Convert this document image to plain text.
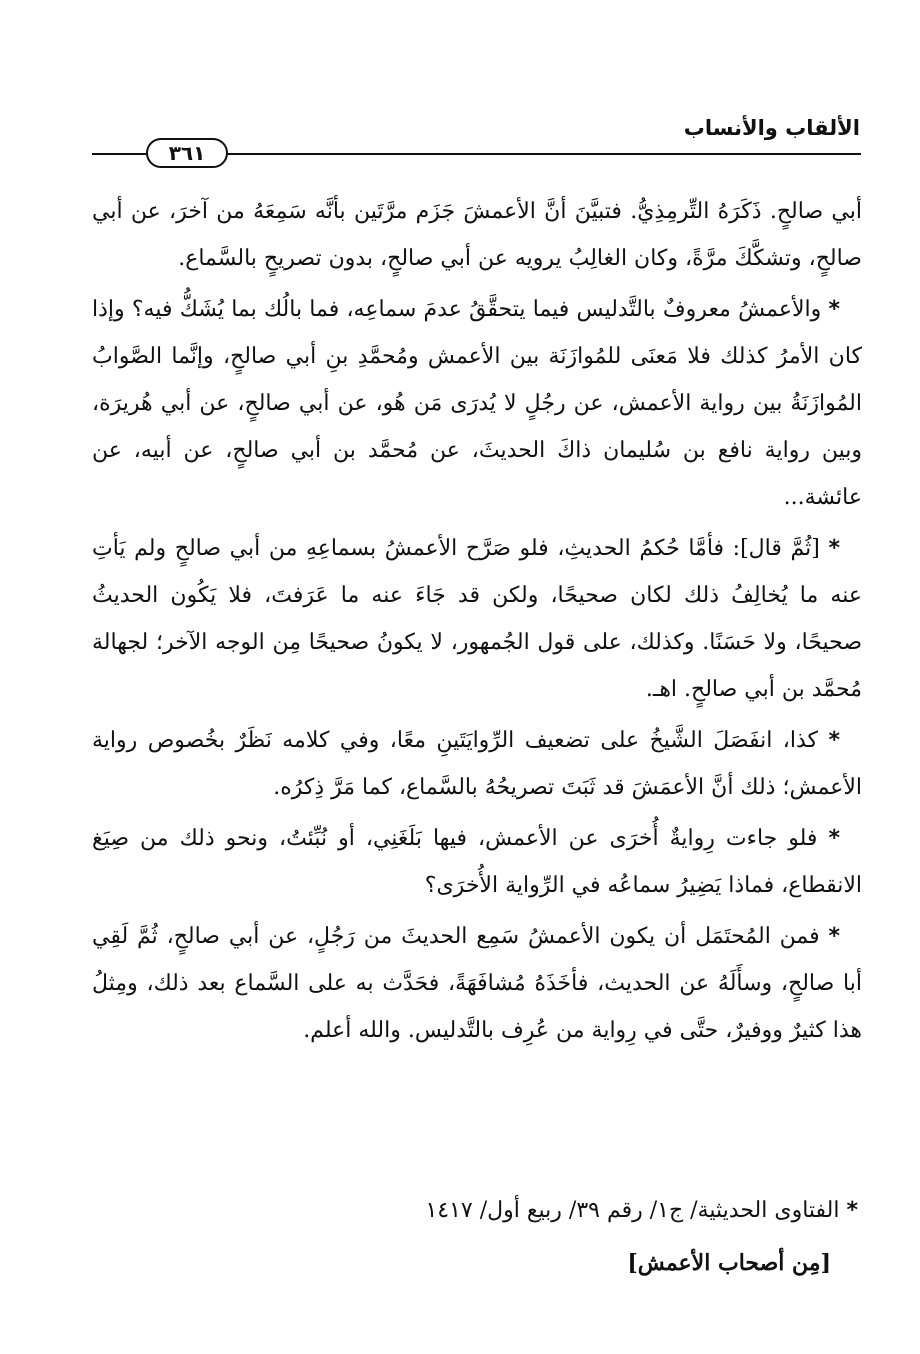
الألقاب والأنساب
٣٦١

أبي صالحٍ. ذَكَرَهُ التِّرمِذِيُّ. فتبيَّنَ أنَّ الأعمشَ جَزَم مرَّتَين بأنَّه سَمِعَهُ من آخرَ، عن أبي صالحٍ، وتشكَّكَ مرَّةً، وكان الغالِبُ يرويه عن أبي صالحٍ، بدون تصريحٍ بالسَّماع.

* والأعمشُ معروفٌ بالتَّدليس فيما يتحقَّقُ عدمَ سماعِه، فما بالُك بما يُشَكُّ فيه؟ وإذا كان الأمرُ كذلك فلا مَعنَى للمُوازَنَة بين الأعمش ومُحمَّدِ بنِ أبي صالحٍ، وإنَّما الصَّوابُ المُوازَنَةُ بين رواية الأعمش، عن رجُلٍ لا يُدرَى مَن هُو، عن أبي صالحٍ، عن أبي هُريرَة، وبين رواية نافع بن سُليمان ذاكَ الحديثَ، عن مُحمَّد بن أبي صالحٍ، عن أبيه، عن عائشة...

* [ثُمَّ قال]: فأمَّا حُكمُ الحديثِ، فلو صَرَّح الأعمشُ بسماعِهِ من أبي صالحٍ ولم يَأتِ عنه ما يُخالِفُ ذلك لكان صحيحًا، ولكن قد جَاءَ عنه ما عَرَفتَ، فلا يَكُون الحديثُ صحيحًا، ولا حَسَنًا. وكذلك، على قول الجُمهور، لا يكونُ صحيحًا مِن الوجه الآخر؛ لجهالة مُحمَّد بن أبي صالحٍ. اهـ.

* كذا، انفَصَلَ الشَّيخُ على تضعيف الرِّوايَتَينِ معًا، وفي كلامه نَظَرٌ بخُصوص رواية الأعمش؛ ذلك أنَّ الأعمَشَ قد ثَبَتَ تصريحُهُ بالسَّماع، كما مَرَّ ذِكرُه.

* فلو جاءت رِوايةٌ أُخرَى عن الأعمش، فيها بَلَغَنِي، أو نُبِّئتُ، ونحو ذلك من صِيَغ الانقطاع، فماذا يَضِيرُ سماعُه في الرِّواية الأُخرَى؟

* فمن المُحتَمَل أن يكون الأعمشُ سَمِع الحديثَ من رَجُلٍ، عن أبي صالحٍ، ثُمَّ لَقِي أبا صالحٍ، وسأَلَهُ عن الحديث، فأخَذَهُ مُشافَهَةً، فحَدَّث به على السَّماع بعد ذلك، ومِثلُ هذا كثيرٌ ووفيرٌ، حتَّى في رِواية من عُرِف بالتَّدليس. والله أعلم.

* الفتاوى الحديثية/ ج١/ رقم ٣٩/ ربيع أول/ ١٤١٧
[مِن أصحاب الأعمش]
